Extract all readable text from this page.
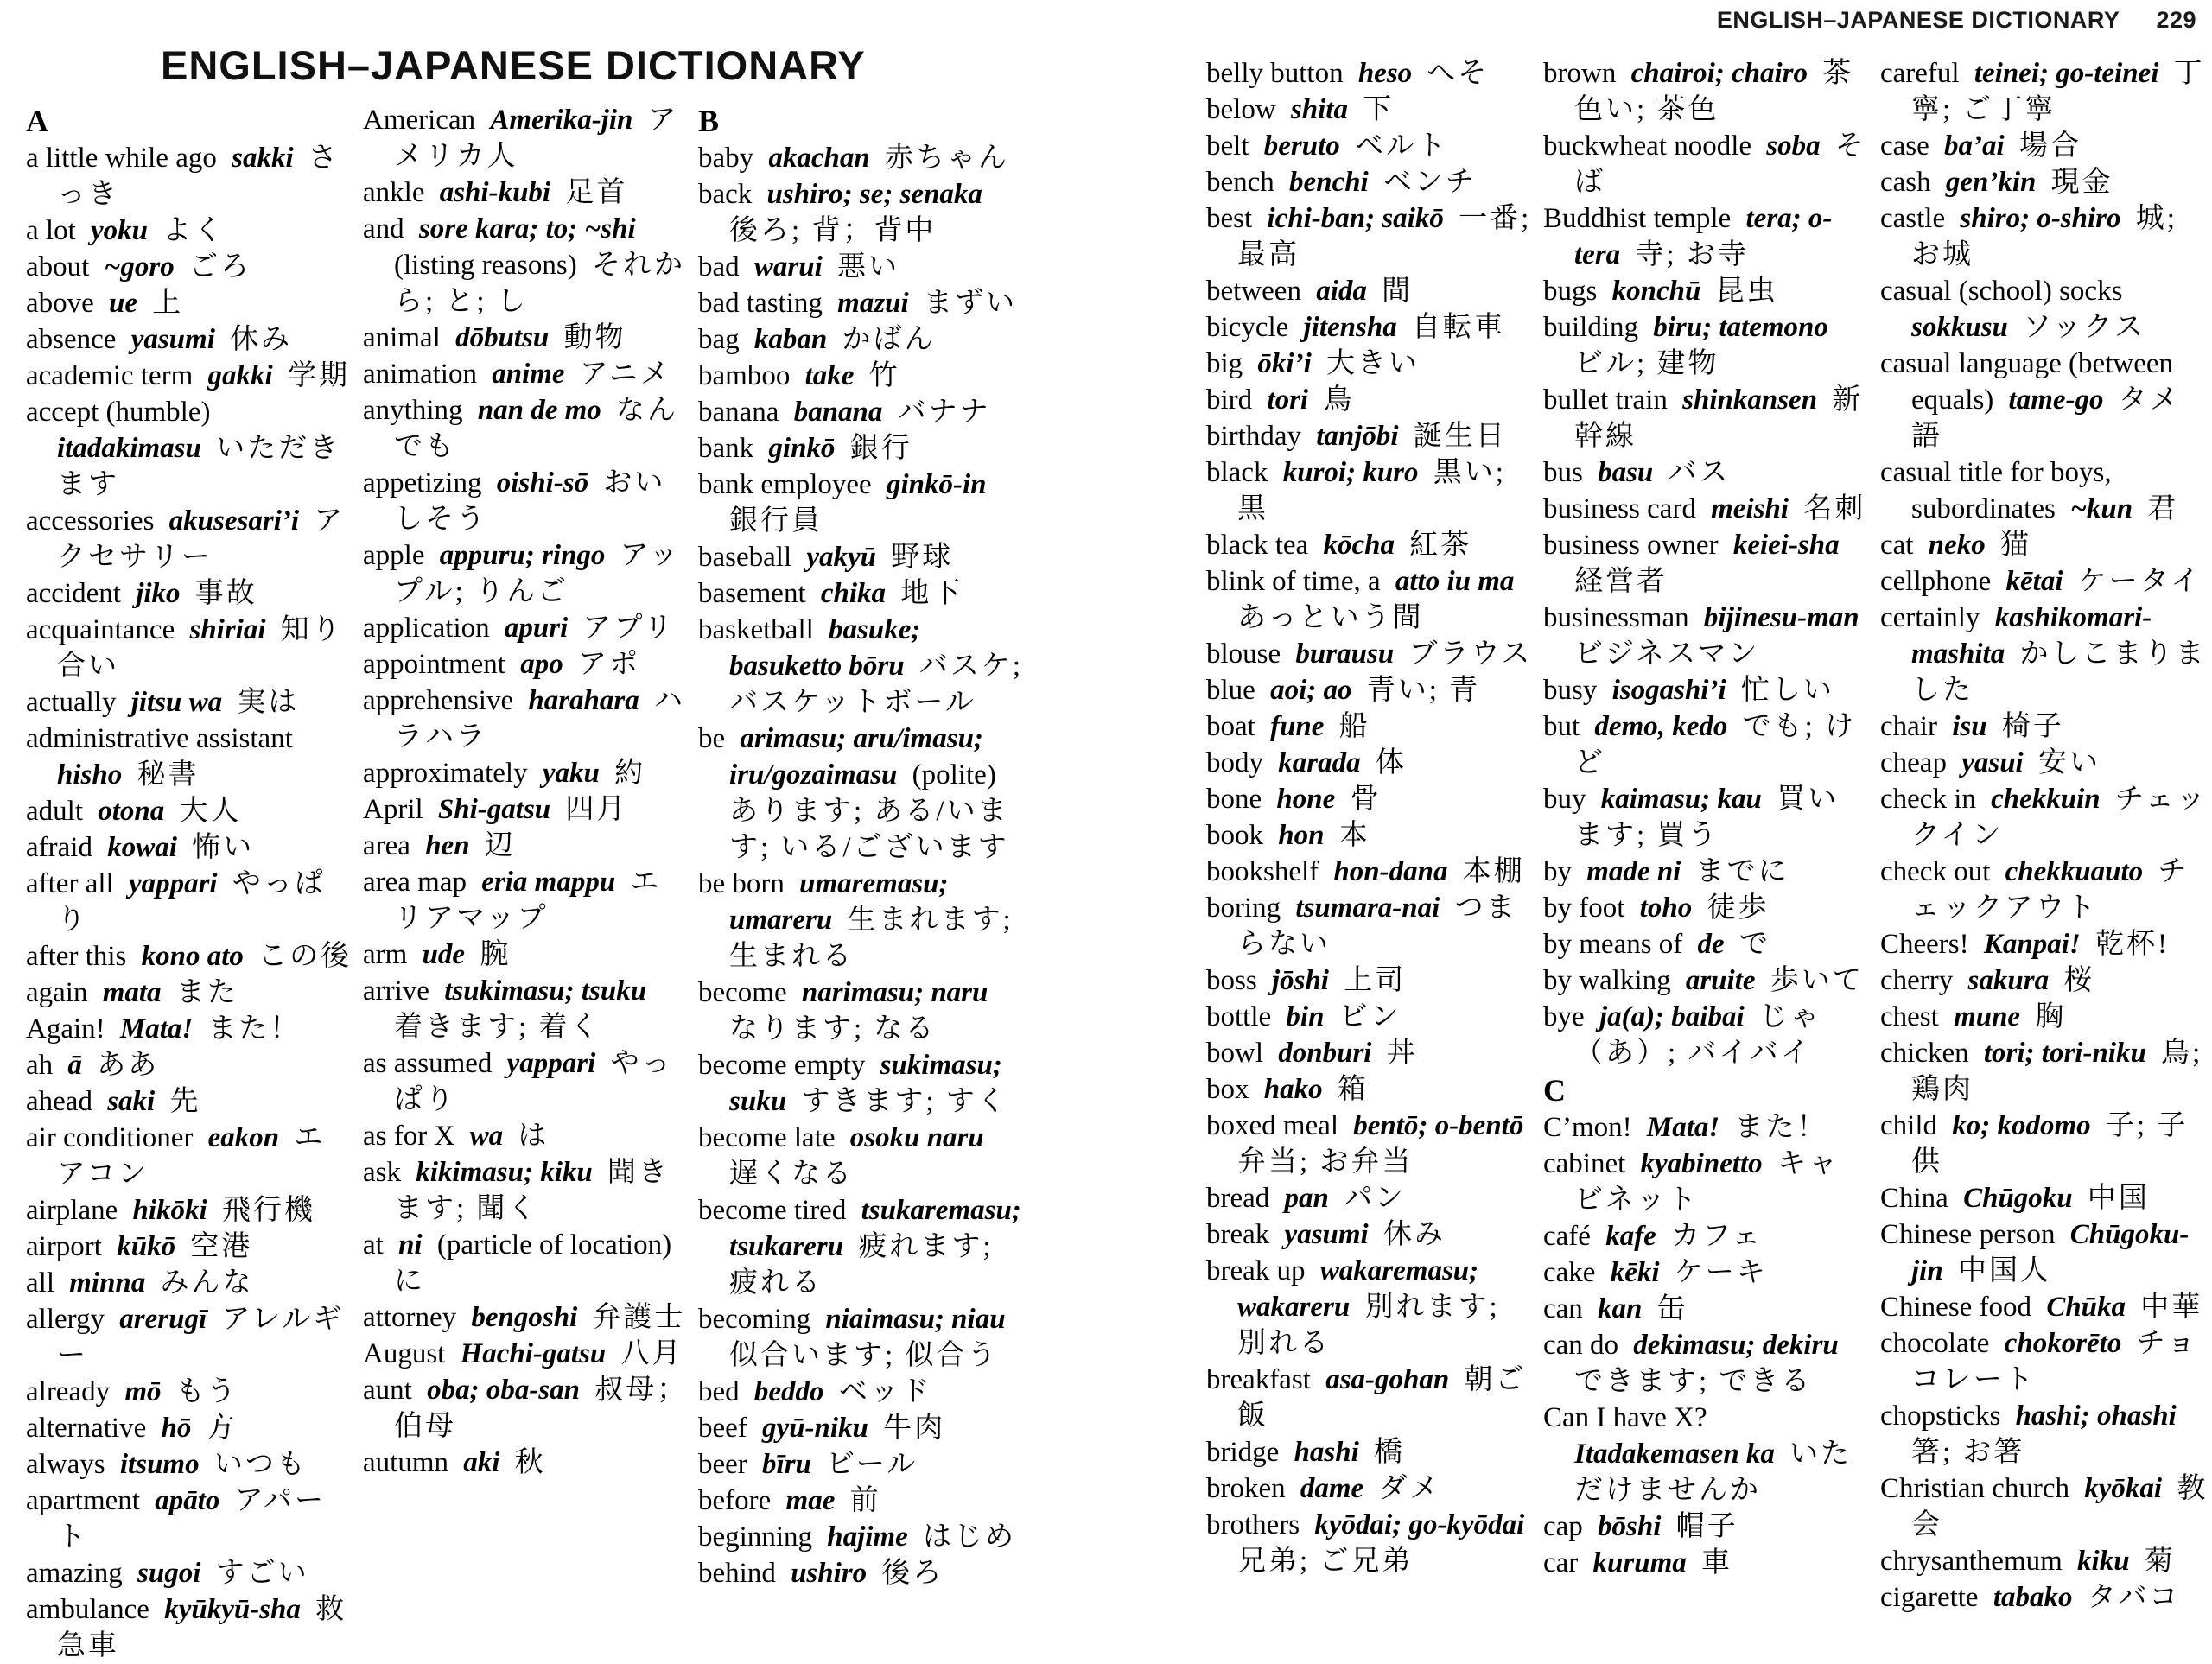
ENGLISH–JAPANESE DICTIONARY 229
ENGLISH–JAPANESE DICTIONARY
A
a little while ago sakki さっき
a lot yoku よく
about ~goro ごろ
above ue 上
absence yasumi 休み
academic term gakki 学期
accept (humble) itadakimasu いただきます
accessories akusesari’i アクセサリー
accident jiko 事故
acquaintance shiriai 知り合い
actually jitsu wa 実は
administrative assistant hisho 秘書
adult otona 大人
afraid kowai 怖い
after all yappari やっぱり
after this kono ato この後
again mata また
Again! Mata! また！
ah ā ああ
ahead saki 先
air conditioner eakon エアコン
airplane hikōki 飛行機
airport kūkō 空港
all minna みんな
allergy arerugī アレルギー
already mō もう
alternative hō 方
always itsumo いつも
apartment apāto アパート
amazing sugoi すごい
ambulance kyūkyū-sha 救急車
American Amerika-jin アメリカ人
ankle ashi-kubi 足首
and sore kara; to; ~shi (listing reasons) それから; と; し
animal dōbutsu 動物
animation anime アニメ
anything nan de mo なんでも
appetizing oishi-sō おいしそう
apple appuru; ringo アップル; りんご
application apuri アプリ
appointment apo アポ
apprehensive harahara ハラハラ
approximately yaku 約
April Shi-gatsu 四月
area hen 辺
area map eria mappu エリアマップ
arm ude 腕
arrive tsukimasu; tsuku 着きます; 着く
as assumed yappari やっぱり
as for X wa は
ask kikimasu; kiku 聞きます; 聞く
at ni (particle of location) に
attorney bengoshi 弁護士
August Hachi-gatsu 八月
aunt oba; oba-san 叔母；伯母
autumn aki 秋
B
baby akachan 赤ちゃん
back ushiro; se; senaka 後ろ; 背；背中
bad warui 悪い
bad tasting mazui まずい
bag kaban かばん
bamboo take 竹
banana banana バナナ
bank ginkō 銀行
bank employee ginkō-in 銀行員
baseball yakyū 野球
basement chika 地下
basketball basuke; basuketto bōru バスケ; バスケットボール
be arimasu; aru/imasu; iru/gozaimasu (polite) あります; ある/います; いる/ございます
be born umaremasu; umareru 生まれます; 生まれる
become narimasu; naru なります; なる
become empty sukimasu; suku すきます; すく
become late osoku naru 遅くなる
become tired tsukaremasu; tsukareru 疲れます; 疲れる
becoming niaimasu; niau 似合います; 似合う
bed beddo ベッド
beef gyū-niku 牛肉
beer bīru ビール
before mae 前
beginning hajime はじめ
behind ushiro 後ろ
belly button heso へそ
below shita 下
belt beruto ベルト
bench benchi ベンチ
best ichi-ban; saikō 一番; 最高
between aida 間
bicycle jitensha 自転車
big ōki’i 大きい
bird tori 鳥
birthday tanjōbi 誕生日
black kuroi; kuro 黒い; 黒
black tea kōcha 紅茶
blink of time, a atto iu ma あっという間
blouse burausu ブラウス
blue aoi; ao 青い; 青
boat fune 船
body karada 体
bone hone 骨
book hon 本
bookshelf hon-dana 本棚
boring tsumara-nai つまらない
boss jōshi 上司
bottle bin ビン
bowl donburi 丼
box hako 箱
boxed meal bentō; o-bentō 弁当; お弁当
bread pan パン
break yasumi 休み
break up wakaremasu; wakareru 別れます; 別れる
breakfast asa-gohan 朝ご飯
bridge hashi 橋
broken dame ダメ
brothers kyōdai; go-kyōdai 兄弟; ご兄弟
brown chairoi; chairo 茶色い; 茶色
buckwheat noodle soba そば
Buddhist temple tera; o-tera 寺; お寺
bugs konchū 昆虫
building biru; tatemono ビル; 建物
bullet train shinkansen 新幹線
bus basu バス
business card meishi 名刺
business owner keiei-sha 経営者
businessman bijinesu-man ビジネスマン
busy isogashi’i 忙しい
but demo, kedo でも; けど
buy kaimasu; kau 買います; 買う
by made ni までに
by foot toho 徒歩
by means of de で
by walking aruite 歩いて
bye ja(a); baibai じゃ（あ）; バイバイ
C
C’mon! Mata! また！
cabinet kyabinetto キャビネット
café kafe カフェ
cake kēki ケーキ
can kan 缶
can do dekimasu; dekiru できます; できる
Can I have X? Itadakemasen ka いただけませんか
cap bōshi 帽子
car kuruma 車
careful teinei; go-teinei 丁寧; ご丁寧
case ba’ai 場合
cash gen’kin 現金
castle shiro; o-shiro 城; お城
casual (school) socks sokkusu ソックス
casual language (between equals) tame-go タメ語
casual title for boys, subordinates ~kun 君
cat neko 猫
cellphone kētai ケータイ
certainly kashikomari-mashita かしこまりました
chair isu 椅子
cheap yasui 安い
check in chekkuin チェックイン
check out chekkuauto チェックアウト
Cheers! Kanpai! 乾杯!
cherry sakura 桜
chest mune 胸
chicken tori; tori-niku 鳥; 鶏肉
child ko; kodomo 子; 子供
China Chūgoku 中国
Chinese person Chūgoku-jin 中国人
Chinese food Chūka 中華
chocolate chokorēto チョコレート
chopsticks hashi; ohashi 箸; お箸
Christian church kyōkai 教会
chrysanthemum kiku 菊
cigarette tabako タバコ
